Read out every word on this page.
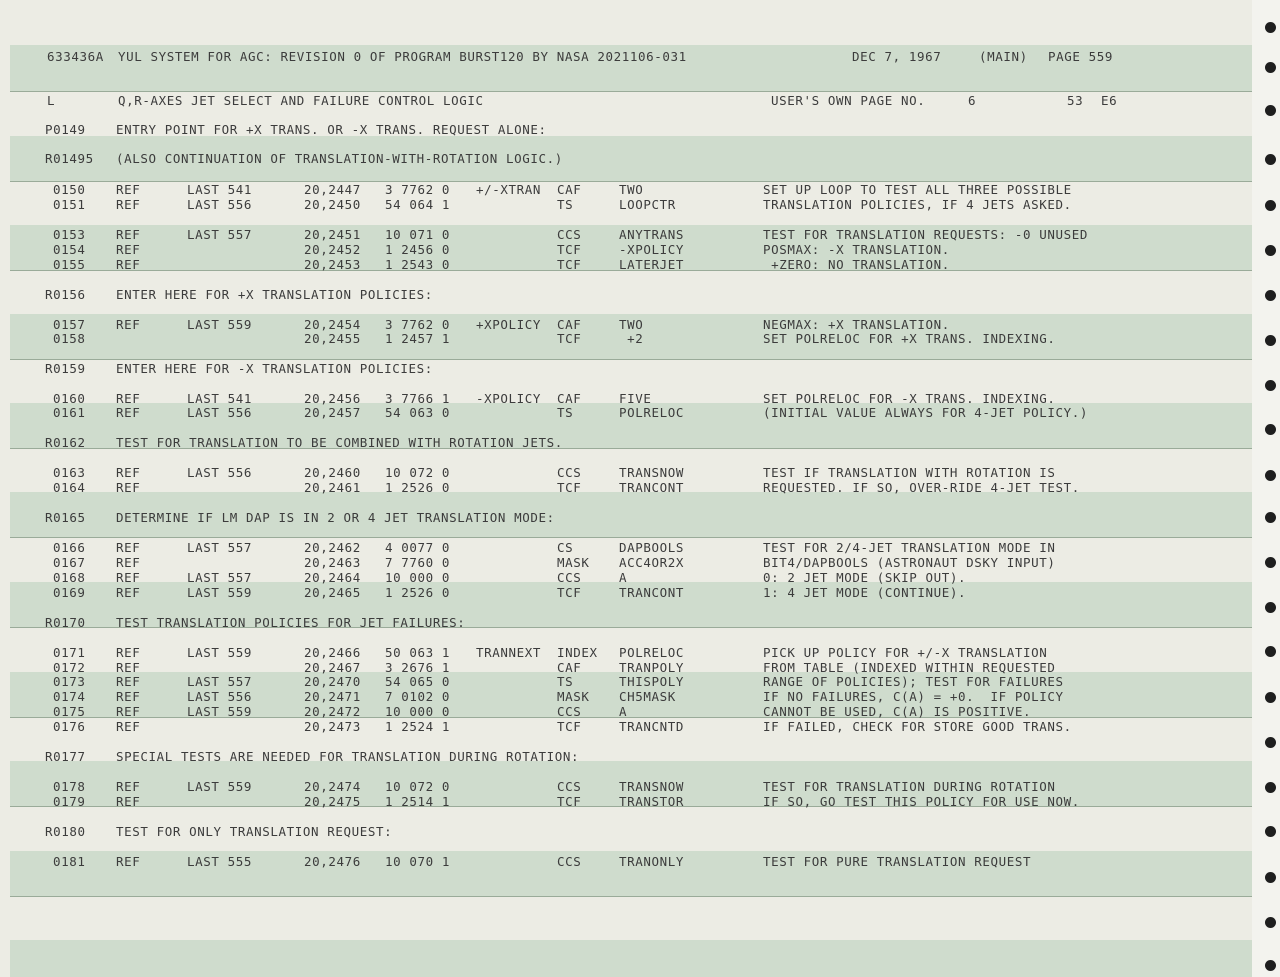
633436A YUL SYSTEM FOR AGC: REVISION 0 OF PROGRAM BURST120 BY NASA 2021106-031	DEC 7, 1967	(MAIN) PAGE 559
L	Q,R-AXES JET SELECT AND FAILURE CONTROL LOGIC	USER'S OWN PAGE NO.	6	53 E6
P0149 ENTRY POINT FOR +X TRANS. OR -X TRANS. REQUEST ALONE:
R01495 (ALSO CONTINUATION OF TRANSLATION-WITH-ROTATION LOGIC.)
0150 REF	LAST 541	20,2447 3 7762 0 +/-XTRAN CAF	TWO	SET UP LOOP TO TEST ALL THREE POSSIBLE
0151 REF	LAST 556	20,2450 54 064 1	TS	LOOPCTR	TRANSLATION POLICIES, IF 4 JETS ASKED.
0153 REF	LAST 557	20,2451 10 071 0	CCS	ANYTRANS	TEST FOR TRANSLATION REQUESTS: -0 UNUSED
0154 REF	20,2452 1 2456 0	TCF	-XPOLICY	POSMAX: -X TRANSLATION.
0155 REF	20,2453 1 2543 0	TCF	LATERJET	+ZERO: NO TRANSLATION.
R0156 ENTER HERE FOR +X TRANSLATION POLICIES:
0157 REF	LAST 559	20,2454 3 7762 0 +XPOLICY CAF	TWO	NEGMAX: +X TRANSLATION.
0158	20,2455 1 2457 1	TCF	+2	SET POLRELOC FOR +X TRANS. INDEXING.
R0159 ENTER HERE FOR -X TRANSLATION POLICIES:
0160 REF	LAST 541	20,2456 3 7766 1 -XPOLICY CAF	FIVE	SET POLRELOC FOR -X TRANS. INDEXING.
0161 REF	LAST 556	20,2457 54 063 0	TS	POLRELOC	(INITIAL VALUE ALWAYS FOR 4-JET POLICY.)
R0162 TEST FOR TRANSLATION TO BE COMBINED WITH ROTATION JETS.
0163 REF	LAST 556	20,2460 10 072 0	CCS	TRANSNOW	TEST IF TRANSLATION WITH ROTATION IS
0164 REF	20,2461 1 2526 0	TCF	TRANCONT	REQUESTED. IF SO, OVER-RIDE 4-JET TEST.
R0165 DETERMINE IF LM DAP IS IN 2 OR 4 JET TRANSLATION MODE:
0166 REF	LAST 557	20,2462 4 0077 0	CS	DAPBOOLS	TEST FOR 2/4-JET TRANSLATION MODE IN
0167 REF	20,2463 7 7760 0	MASK ACC4OR2X	BIT4/DAPBOOLS (ASTRONAUT DSKY INPUT)
0168 REF	LAST 557	20,2464 10 000 0	CCS	A	0: 2 JET MODE (SKIP OUT).
0169 REF	LAST 559	20,2465 1 2526 0	TCF	TRANCONT	1: 4 JET MODE (CONTINUE).
R0170 TEST TRANSLATION POLICIES FOR JET FAILURES:
0171 REF	LAST 559	20,2466 50 063 1 TRANNEXT INDEX POLRELOC	PICK UP POLICY FOR +/-X TRANSLATION
0172 REF	20,2467 3 2676 1	CAF	TRANPOLY	FROM TABLE (INDEXED WITHIN REQUESTED
0173 REF	LAST 557	20,2470 54 065 0	TS	THISPOLY	RANGE OF POLICIES); TEST FOR FAILURES
0174 REF	LAST 556	20,2471 7 0102 0	MASK CH5MASK	IF NO FAILURES, C(A) = +0.  IF POLICY
0175 REF	LAST 559	20,2472 10 000 0	CCS	A	CANNOT BE USED, C(A) IS POSITIVE.
0176 REF	20,2473 1 2524 1	TCF	TRANCNTD	IF FAILED, CHECK FOR STORE GOOD TRANS.
R0177 SPECIAL TESTS ARE NEEDED FOR TRANSLATION DURING ROTATION:
0178 REF	LAST 559	20,2474 10 072 0	CCS	TRANSNOW	TEST FOR TRANSLATION DURING ROTATION
0179 REF	20,2475 1 2514 1	TCF	TRANSTOR	IF SO, GO TEST THIS POLICY FOR USE NOW.
R0180 TEST FOR ONLY TRANSLATION REQUEST:
0181 REF	LAST 555	20,2476 10 070 1	CCS	TRANONLY	TEST FOR PURE TRANSLATION REQUEST
